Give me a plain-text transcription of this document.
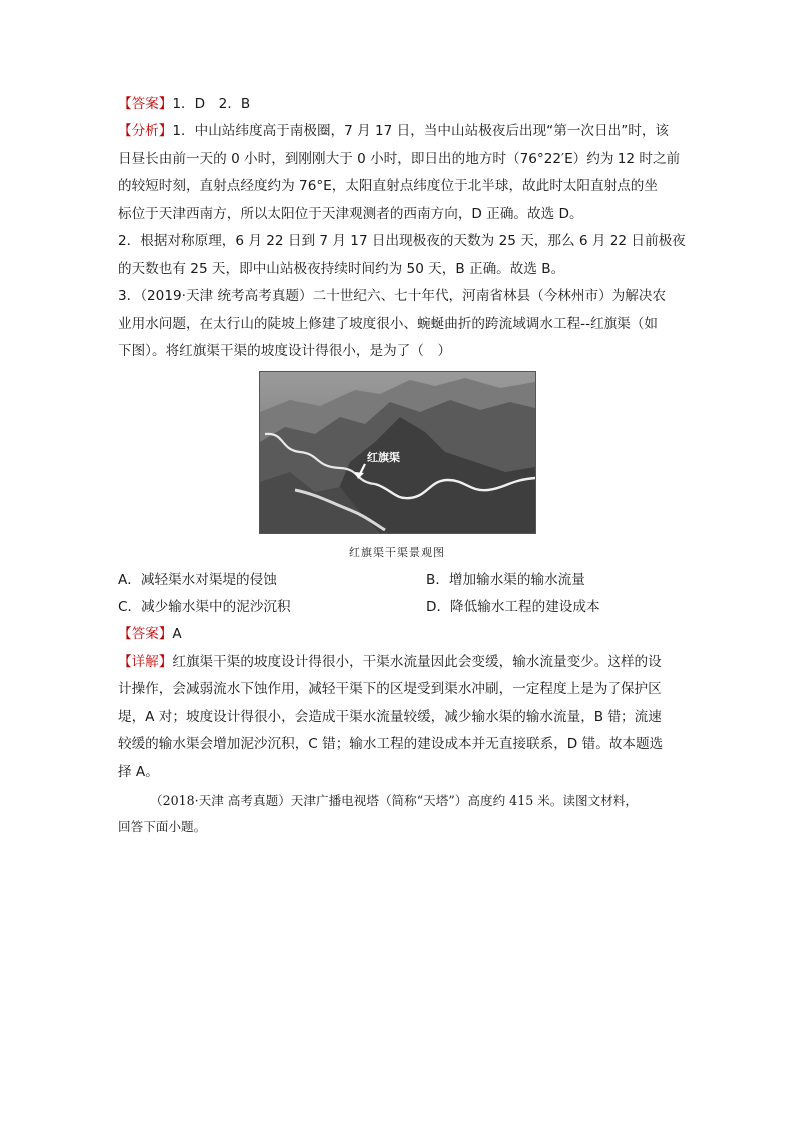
【答案】1．D　2．B
【分析】1．中山站纬度高于南极圈，7 月 17 日，当中山站极夜后出现“第一次日出”时，该
日昼长由前一天的 0 小时，到刚刚大于 0 小时，即日出的地方时（76°22′E）约为 12 时之前
的较短时刻，直射点经度约为 76°E，太阳直射点纬度位于北半球，故此时太阳直射点的坐
标位于天津西南方，所以太阳位于天津观测者的西南方向，D 正确。故选 D。
2．根据对称原理，6 月 22 日到 7 月 17 日出现极夜的天数为 25 天，那么 6 月 22 日前极夜
的天数也有 25 天，即中山站极夜持续时间约为 50 天，B 正确。故选 B。
3．（2019·天津 统考高考真题）二十世纪六、七十年代，河南省林县（今林州市）为解决农
业用水问题，在太行山的陡坡上修建了坡度很小、蜿蜒曲折的跨流域调水工程--红旗渠（如
下图）。将红旗渠干渠的坡度设计得很小，是为了（　）
红旗渠
红旗渠干渠景观图
A．减轻渠水对渠堤的侵蚀	B．增加输水渠的输水流量
C．减少输水渠中的泥沙沉积	D．降低输水工程的建设成本
【答案】A
【详解】红旗渠干渠的坡度设计得很小，干渠水流量因此会变缓，输水流量变少。这样的设
计操作，会减弱流水下蚀作用，减轻干渠下的区堤受到渠水冲刷，一定程度上是为了保护区
堤，A 对；坡度设计得很小，会造成干渠水流量较缓，减少输水渠的输水流量，B 错；流速
较缓的输水渠会增加泥沙沉积，C 错；输水工程的建设成本并无直接联系，D 错。故本题选
择 A。
（2018·天津 高考真题）天津广播电视塔（简称“天塔”）高度约 415 米。读图文材料，
回答下面小题。
